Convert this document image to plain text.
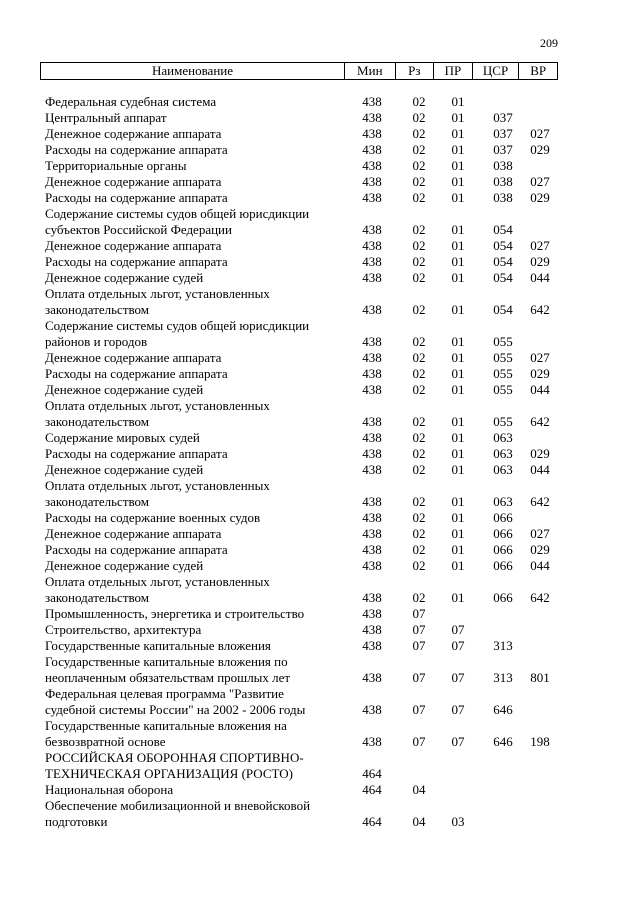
209
Наименование	Мин	Рз	ПР	ЦСР	ВР
Федеральная судебная система	438	02	01
Центральный аппарат	438	02	01	037
Денежное содержание аппарата	438	02	01	037	027
Расходы на содержание аппарата	438	02	01	037	029
Территориальные органы	438	02	01	038
Денежное содержание аппарата	438	02	01	038	027
Расходы на содержание аппарата	438	02	01	038	029
Содержание системы судов общей юрисдикции субъектов Российской Федерации	438	02	01	054
Денежное содержание аппарата	438	02	01	054	027
Расходы на содержание аппарата	438	02	01	054	029
Денежное содержание судей	438	02	01	054	044
Оплата отдельных льгот, установленных законодательством	438	02	01	054	642
Содержание системы судов общей юрисдикции районов и городов	438	02	01	055
Денежное содержание аппарата	438	02	01	055	027
Расходы на содержание аппарата	438	02	01	055	029
Денежное содержание судей	438	02	01	055	044
Оплата отдельных льгот, установленных законодательством	438	02	01	055	642
Содержание мировых судей	438	02	01	063
Расходы на содержание аппарата	438	02	01	063	029
Денежное содержание судей	438	02	01	063	044
Оплата отдельных льгот, установленных законодательством	438	02	01	063	642
Расходы на содержание военных судов	438	02	01	066
Денежное содержание аппарата	438	02	01	066	027
Расходы на содержание аппарата	438	02	01	066	029
Денежное содержание судей	438	02	01	066	044
Оплата отдельных льгот, установленных законодательством	438	02	01	066	642
Промышленность, энергетика и строительство	438	07
Строительство, архитектура	438	07	07
Государственные капитальные вложения	438	07	07	313
Государственные капитальные вложения по неоплаченным обязательствам прошлых лет	438	07	07	313	801
Федеральная целевая программа "Развитие судебной системы России" на 2002 - 2006 годы	438	07	07	646
Государственные капитальные вложения на безвозвратной основе	438	07	07	646	198
РОССИЙСКАЯ ОБОРОННАЯ СПОРТИВНО-ТЕХНИЧЕСКАЯ ОРГАНИЗАЦИЯ (РОСТО)	464
Национальная оборона	464	04
Обеспечение мобилизационной и вневойсковой подготовки	464	04	03
